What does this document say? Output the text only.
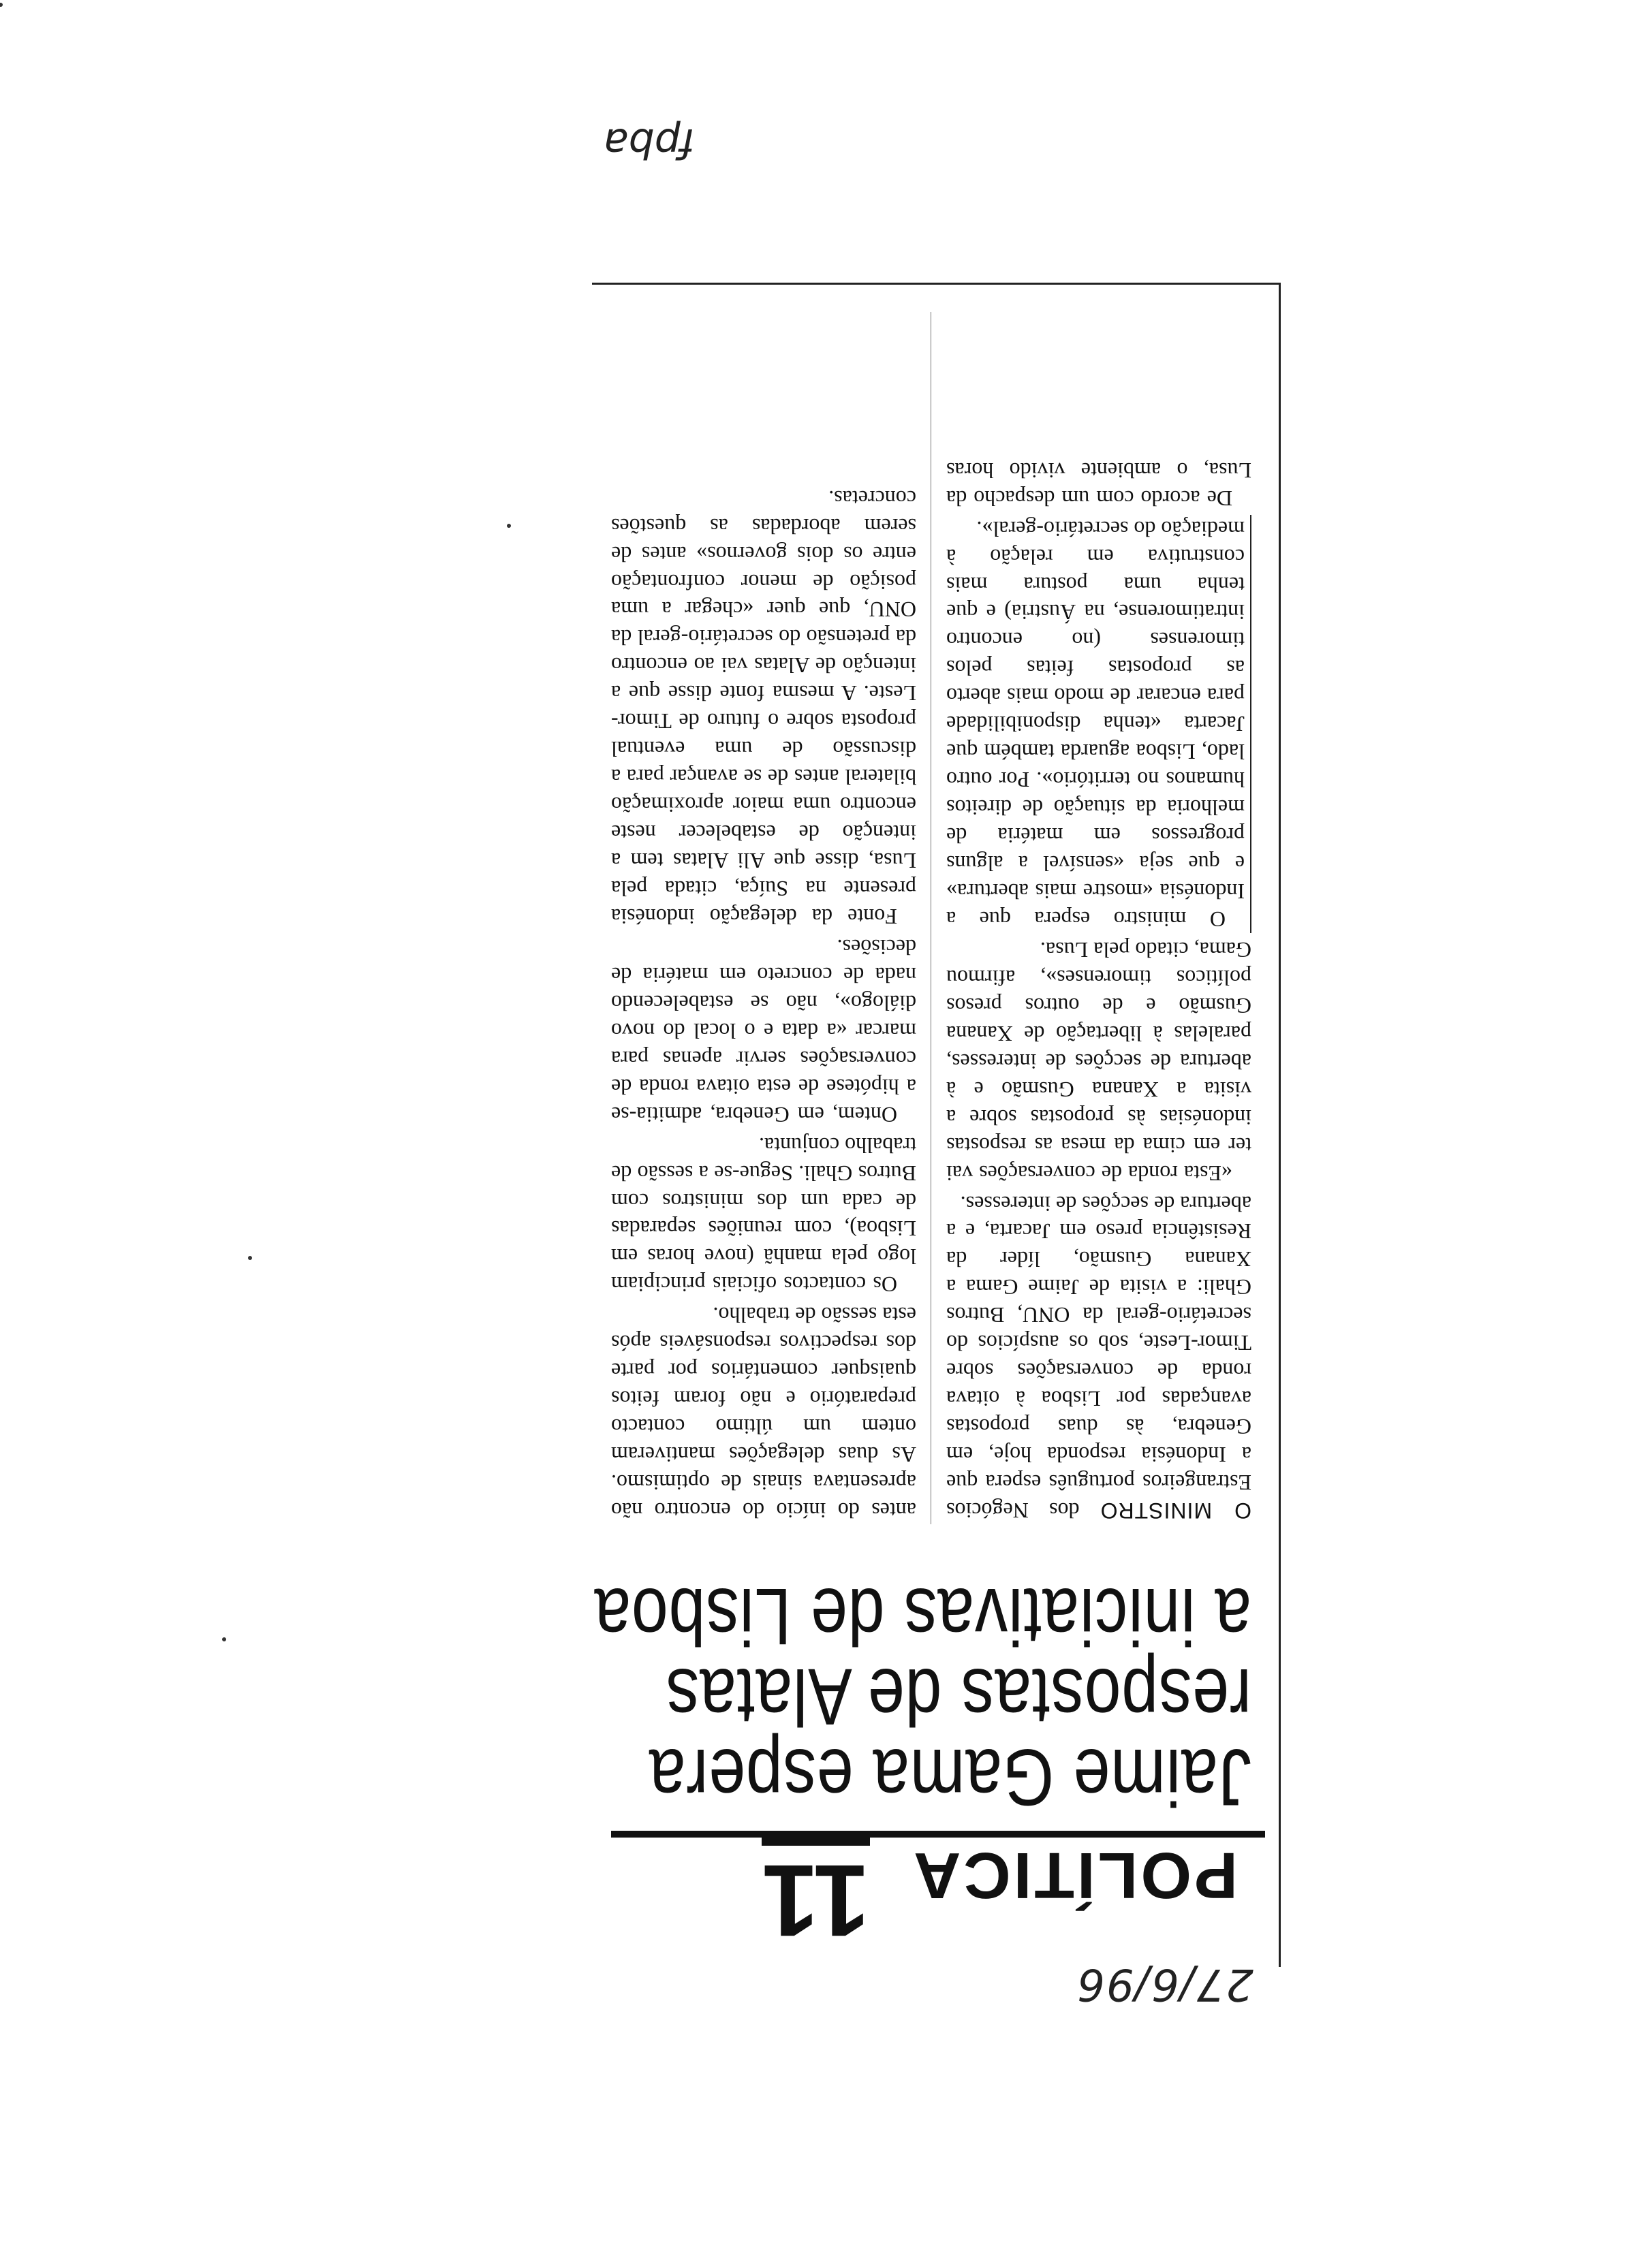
27/6/96
fpba
POLÍTICA
11
Jaime Gama espera
respostas de Alatas
a iniciativas de Lisboa

O MINISTRO dos Negócios Estrangeiros português espera que a Indonésia responda hoje, em Genebra, às duas propostas avançadas por Lisboa à oitava ronda de conversações sobre Timor-Leste, sob os auspícios do secretário-geral da ONU, Butros Ghali: a visita de Jaime Gama a Xanana Gusmão, líder da Resistência preso em Jacarta, e a abertura de secções de interesses.

«Esta ronda de conversações vai ter em cima da mesa as respostas indonésias às propostas sobre a visita a Xanana Gusmão e à abertura de secções de interesses, paralelas à libertação de Xanana Gusmão e de outros presos políticos timorenses», afirmou Gama, citado pela Lusa.

O ministro espera que a Indonésia «mostre mais abertura» e que seja «sensível a alguns progressos em matéria de melhoria da situação de direitos humanos no território». Por outro lado, Lisboa aguarda também que Jacarta «tenha disponibilidade para encarar de modo mais aberto as propostas feitas pelos timorenses (no encontro intratimorense, na Áustria) e que tenha uma postura mais construtiva em relação à mediação do secretário-geral».

De acordo com um despacho da Lusa, o ambiente vivido horas antes do início do encontro não apresentava sinais de optimismo. As duas delegações mantiveram ontem um último contacto preparatório e não foram feitos quaisquer comentários por parte dos respectivos responsáveis após esta sessão de trabalho.

Os contactos oficiais principiam logo pela manhã (nove horas em Lisboa), com reuniões separadas de cada um dos ministros com Butros Ghali. Segue-se a sessão de trabalho conjunta.

Ontem, em Genebra, admitia-se a hipótese de esta oitava ronda de conversações servir apenas para marcar «a data e o local do novo diálogo», não se estabelecendo nada de concreto em matéria de decisões.

Fonte da delegação indonésia presente na Suíça, citada pela Lusa, disse que Ali Alatas tem a intenção de estabelecer neste encontro uma maior aproximação bilateral antes de se avançar para a discussão de uma eventual proposta sobre o futuro de Timor-Leste. A mesma fonte disse que a intenção de Alatas vai ao encontro da pretensão do secretário-geral da ONU, que quer «chegar a uma posição de menor confrontação entre os dois governos» antes de serem abordadas as questões concretas.
